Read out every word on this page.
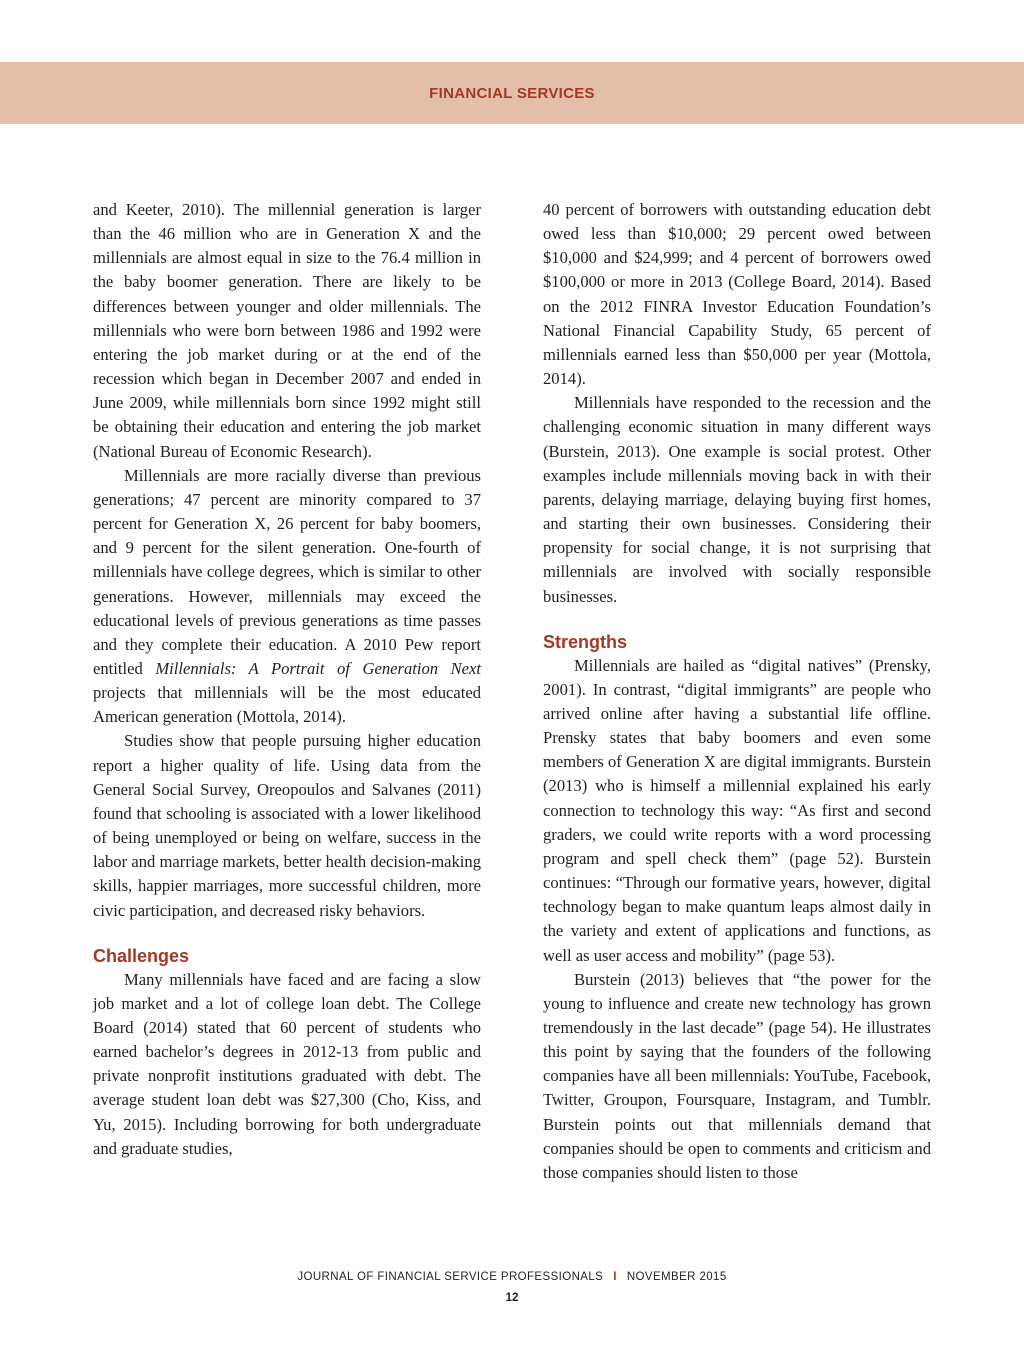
FINANCIAL SERVICES

and Keeter, 2010). The millennial generation is larger than the 46 million who are in Generation X and the millennials are almost equal in size to the 76.4 million in the baby boomer generation. There are likely to be differences between younger and older millennials. The millennials who were born between 1986 and 1992 were entering the job market during or at the end of the recession which began in December 2007 and ended in June 2009, while millennials born since 1992 might still be obtaining their education and entering the job market (National Bureau of Economic Research).

Millennials are more racially diverse than previous generations; 47 percent are minority compared to 37 percent for Generation X, 26 percent for baby boomers, and 9 percent for the silent generation. One-fourth of millennials have college degrees, which is similar to other generations. However, millennials may exceed the educational levels of previous generations as time passes and they complete their education. A 2010 Pew report entitled Millennials: A Portrait of Generation Next projects that millennials will be the most educated American generation (Mottola, 2014).

Studies show that people pursuing higher education report a higher quality of life. Using data from the General Social Survey, Oreopoulos and Salvanes (2011) found that schooling is associated with a lower likelihood of being unemployed or being on welfare, success in the labor and marriage markets, better health decision-making skills, happier marriages, more successful children, more civic participation, and decreased risky behaviors.

Challenges

Many millennials have faced and are facing a slow job market and a lot of college loan debt. The College Board (2014) stated that 60 percent of students who earned bachelor’s degrees in 2012-13 from public and private nonprofit institutions graduated with debt. The average student loan debt was $27,300 (Cho, Kiss, and Yu, 2015). Including borrowing for both undergraduate and graduate studies,

40 percent of borrowers with outstanding education debt owed less than $10,000; 29 percent owed between $10,000 and $24,999; and 4 percent of borrowers owed $100,000 or more in 2013 (College Board, 2014). Based on the 2012 FINRA Investor Education Foundation’s National Financial Capability Study, 65 percent of millennials earned less than $50,000 per year (Mottola, 2014).

Millennials have responded to the recession and the challenging economic situation in many different ways (Burstein, 2013). One example is social protest. Other examples include millennials moving back in with their parents, delaying marriage, delaying buying first homes, and starting their own businesses. Considering their propensity for social change, it is not surprising that millennials are involved with socially responsible businesses.

Strengths

Millennials are hailed as “digital natives” (Prensky, 2001). In contrast, “digital immigrants” are people who arrived online after having a substantial life offline. Prensky states that baby boomers and even some members of Generation X are digital immigrants. Burstein (2013) who is himself a millennial explained his early connection to technology this way: “As first and second graders, we could write reports with a word processing program and spell check them” (page 52). Burstein continues: “Through our formative years, however, digital technology began to make quantum leaps almost daily in the variety and extent of applications and functions, as well as user access and mobility” (page 53).

Burstein (2013) believes that “the power for the young to influence and create new technology has grown tremendously in the last decade” (page 54). He illustrates this point by saying that the founders of the following companies have all been millennials: YouTube, Facebook, Twitter, Groupon, Foursquare, Instagram, and Tumblr. Burstein points out that millennials demand that companies should be open to comments and criticism and those companies should listen to those

JOURNAL OF FINANCIAL SERVICE PROFESSIONALS I NOVEMBER 2015
12
